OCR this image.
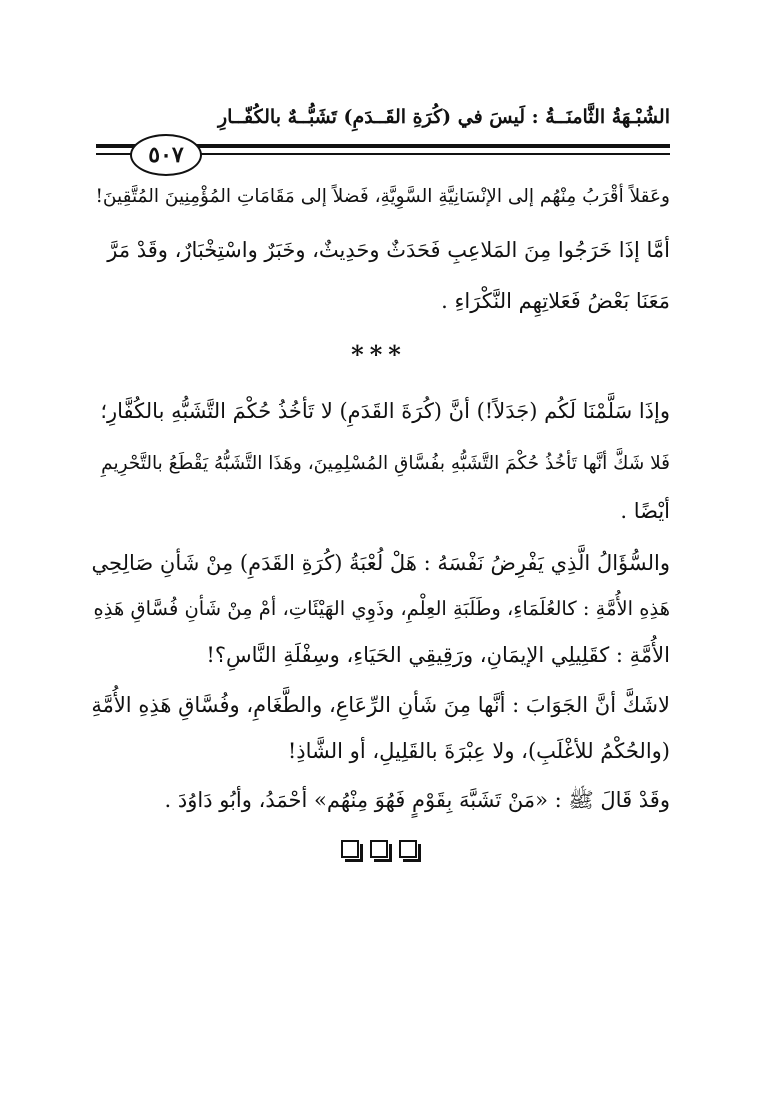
الشُبْـهَةُ الثَّامنَــةُ : لَيسَ في (كُرَةِ القَــدَمِ) تَشَبُّــهٌ بالكُفّــارِ
٥٠٧
وعَقلاً أقْرَبُ مِنْهُم إلى الإنْسَانِيَّةِ السَّوِيَّةِ، فَضلاً إلى مَقَامَاتِ المُؤْمِنِينَ المُتَّقِينَ!
أمَّا إذَا خَرَجُوا مِنَ المَلاعِبِ فَحَدَثٌ وحَدِيثٌ، وخَبَرٌ واسْتِخْبَارٌ، وقَدْ مَرَّ
مَعَنَا بَعْضُ فَعَلاتِهِم النَّكْرَاءِ .
***
وإذَا سَلَّمْنَا لَكُم (جَدَلاً!) أنَّ (كُرَةَ القَدَمِ) لا تَأخُذُ حُكْمَ التَّشَبُّهِ بالكُفَّارِ؛
فَلا شَكَّ أنَّها تَأخُذُ حُكْمَ التَّشَبُّهِ بفُسَّاقِ المُسْلِمِينَ، وهَذَا التَّشَبُّهُ يَقْطَعُ بالتَّحْرِيمِ
أيْضًا .
والسُّؤَالُ الَّذِي يَفْرِضُ نَفْسَهُ : هَلْ لُعْبَةُ (كُرَةِ القَدَمِ) مِنْ شَأنِ صَالِحِي
هَذِهِ الأُمَّةِ : كالعُلَمَاءِ، وطَلَبَةِ العِلْمِ، وذَوِي الهَيْئَاتِ، أمْ مِنْ شَأنِ فُسَّاقِ هَذِهِ
الأُمَّةِ : كقَلِيلِي الإيمَانِ، ورَقِيقِي الحَيَاءِ، وسِفْلَةِ النَّاسِ؟!
لاشَكَّ أنَّ الجَوَابَ : أنَّها مِنَ شَأنِ الرِّعَاعِ، والطَّغَامِ، وفُسَّاقِ هَذِهِ الأُمَّةِ
(والحُكْمُ للأغْلَبِ)، ولا عِبْرَةَ بالقَلِيلِ، أو الشَّاذِ!
وقَدْ قَالَ ﷺ : «مَنْ تَشَبَّهَ بِقَوْمٍ فَهُوَ مِنْهُم» أحْمَدُ، وأبُو دَاوُدَ .
